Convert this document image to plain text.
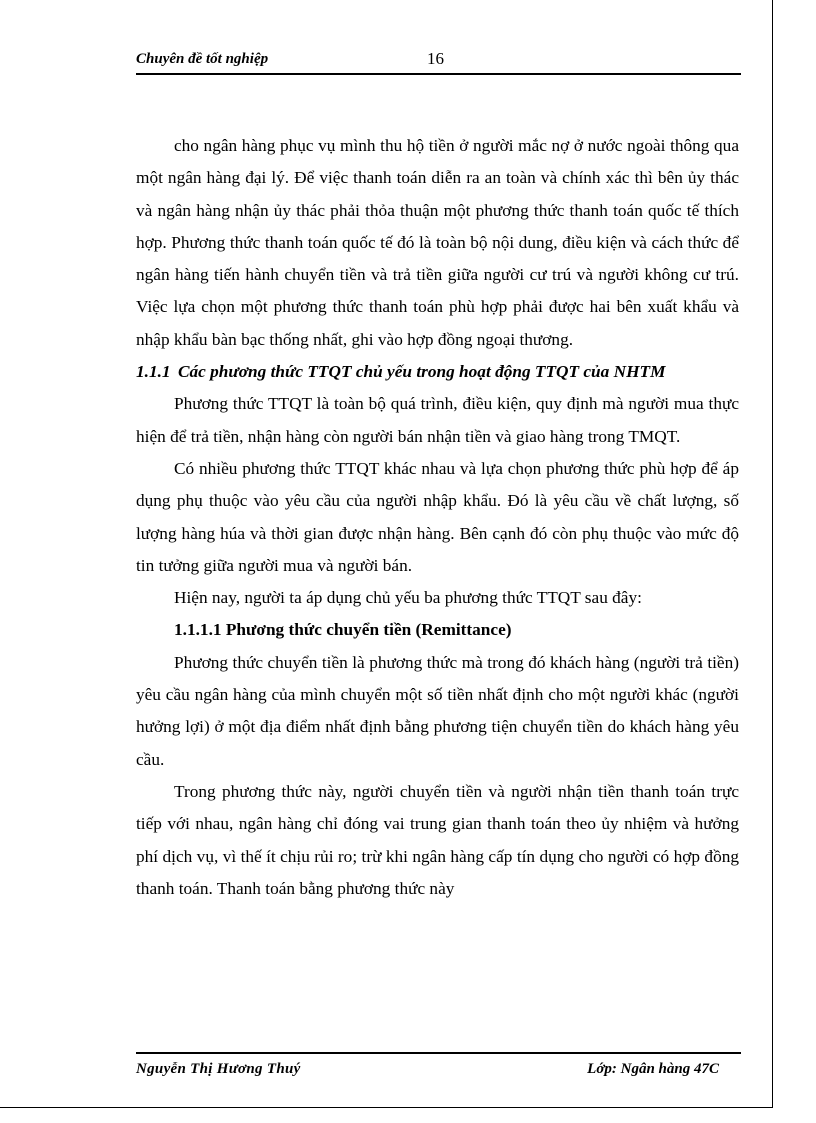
Chuyên đề tốt nghiệp	16

cho ngân hàng phục vụ mình thu hộ tiền ở người mắc nợ ở nước ngoài thông qua một ngân hàng đại lý. Để việc thanh toán diễn ra an toàn và chính xác thì bên ủy thác và ngân hàng nhận ủy thác phải thỏa thuận một phương thức thanh toán quốc tế thích hợp. Phương thức thanh toán quốc tế đó là toàn bộ nội dung, điều kiện và cách thức để ngân hàng tiến hành chuyển tiền và trả tiền giữa người cư trú và người không cư trú. Việc lựa chọn một phương thức thanh toán phù hợp phải được hai bên xuất khẩu và nhập khẩu bàn bạc thống nhất, ghi vào hợp đồng ngoại thương.

1.1.1 Các phương thức TTQT chủ yếu trong hoạt động TTQT của NHTM

Phương thức TTQT là toàn bộ quá trình, điều kiện, quy định mà người mua thực hiện để trả tiền, nhận hàng còn người bán nhận tiền và giao hàng trong TMQT.

Có nhiều phương thức TTQT khác nhau và lựa chọn phương thức phù hợp để áp dụng phụ thuộc vào yêu cầu của người nhập khẩu. Đó là yêu cầu về chất lượng, số lượng hàng húa và thời gian được nhận hàng. Bên cạnh đó còn phụ thuộc vào mức độ tin tưởng giữa người mua và người bán.

Hiện nay, người ta áp dụng chủ yếu ba phương thức TTQT sau đây:

1.1.1.1 Phương thức chuyển tiền (Remittance)

Phương thức chuyển tiền là phương thức mà trong đó khách hàng (người trả tiền) yêu cầu ngân hàng của mình chuyển một số tiền nhất định cho một người khác (người hưởng lợi) ở một địa điểm nhất định bằng phương tiện chuyển tiền do khách hàng yêu cầu.

Trong phương thức này, người chuyển tiền và người nhận tiền thanh toán trực tiếp với nhau, ngân hàng chỉ đóng vai trung gian thanh toán theo ủy nhiệm và hưởng phí dịch vụ, vì thế ít chịu rủi ro; trừ khi ngân hàng cấp tín dụng cho người có hợp đồng thanh toán. Thanh toán bằng phương thức này

Nguyễn Thị Hương Thuý	Lớp: Ngân hàng 47C
